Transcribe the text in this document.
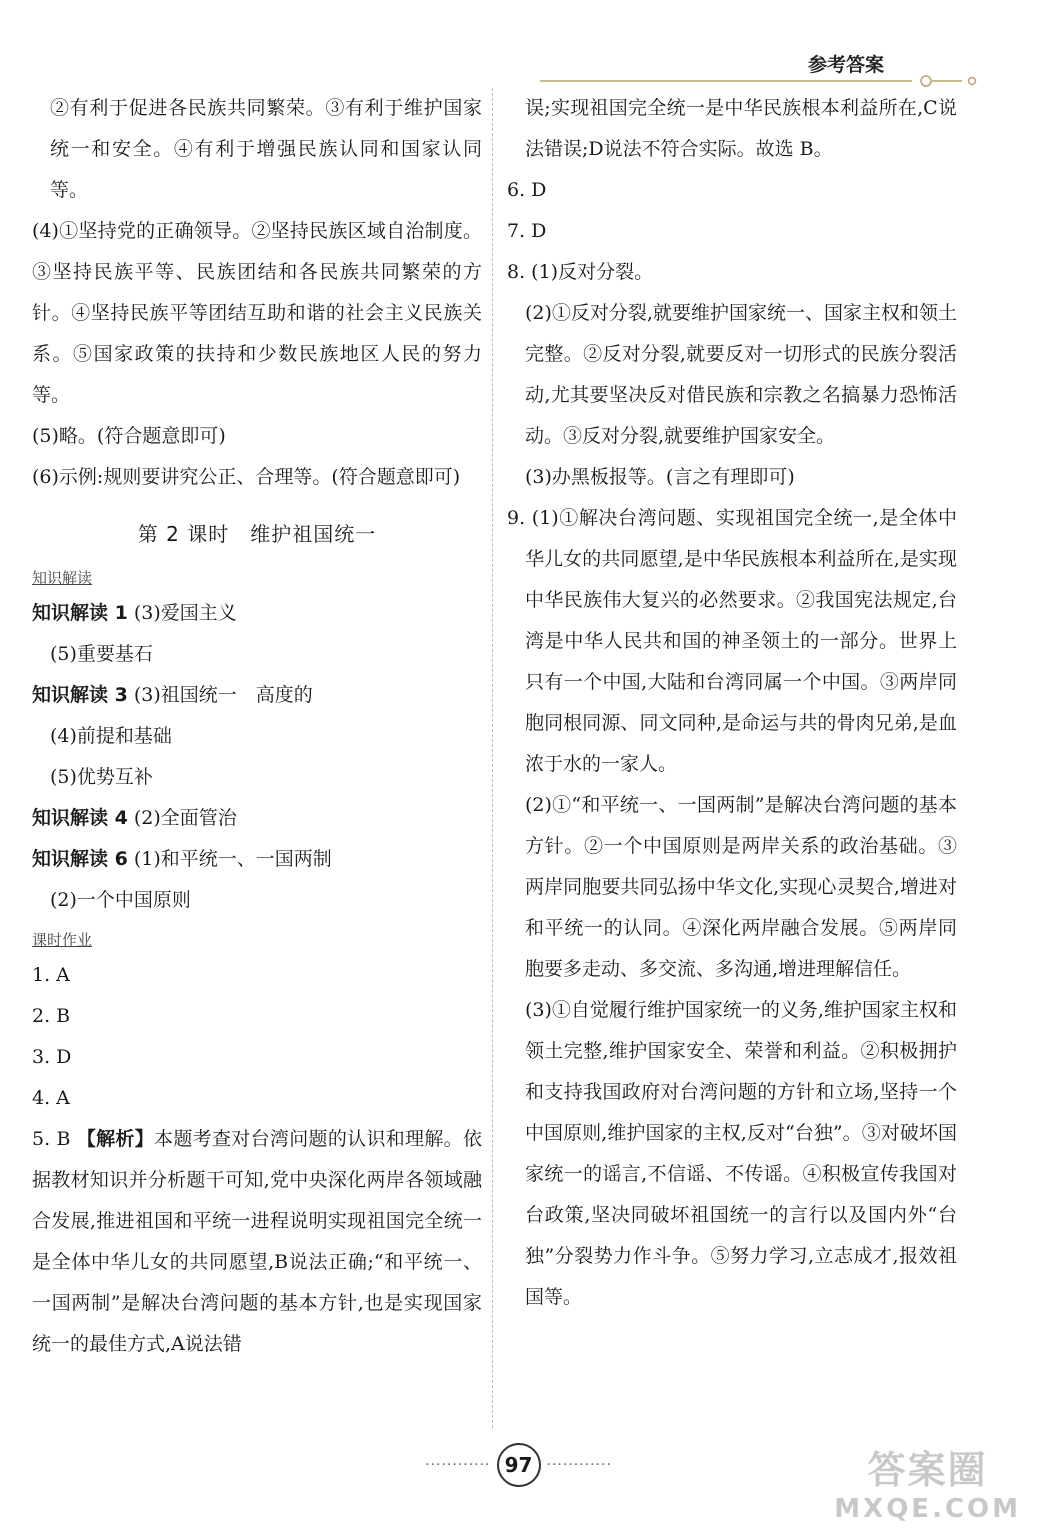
参考答案

②有利于促进各民族共同繁荣。③有利于维护国家统一和安全。④有利于增强民族认同和国家认同等。

(4)①坚持党的正确领导。②坚持民族区域自治制度。③坚持民族平等、民族团结和各民族共同繁荣的方针。④坚持民族平等团结互助和谐的社会主义民族关系。⑤国家政策的扶持和少数民族地区人民的努力等。

(5)略。(符合题意即可)

(6)示例:规则要讲究公正、合理等。(符合题意即可)

第 2 课时　维护祖国统一
知识解读
知识解读 1 (3)爱国主义
(5)重要基石
知识解读 3 (3)祖国统一　高度的
(4)前提和基础
(5)优势互补
知识解读 4 (2)全面管治
知识解读 6 (1)和平统一、一国两制
(2)一个中国原则
课时作业
1. A
2. B
3. D
4. A

5. B 【解析】本题考查对台湾问题的认识和理解。依据教材知识并分析题干可知,党中央深化两岸各领域融合发展,推进祖国和平统一进程说明实现祖国完全统一是全体中华儿女的共同愿望,B说法正确;“和平统一、一国两制”是解决台湾问题的基本方针,也是实现国家统一的最佳方式,A说法错

误;实现祖国完全统一是中华民族根本利益所在,C说法错误;D说法不符合实际。故选 B。

6. D
7. D

8. (1)反对分裂。

(2)①反对分裂,就要维护国家统一、国家主权和领土完整。②反对分裂,就要反对一切形式的民族分裂活动,尤其要坚决反对借民族和宗教之名搞暴力恐怖活动。③反对分裂,就要维护国家安全。

(3)办黑板报等。(言之有理即可)

9. (1)①解决台湾问题、实现祖国完全统一,是全体中华儿女的共同愿望,是中华民族根本利益所在,是实现中华民族伟大复兴的必然要求。②我国宪法规定,台湾是中华人民共和国的神圣领土的一部分。世界上只有一个中国,大陆和台湾同属一个中国。③两岸同胞同根同源、同文同种,是命运与共的骨肉兄弟,是血浓于水的一家人。

(2)①“和平统一、一国两制”是解决台湾问题的基本方针。②一个中国原则是两岸关系的政治基础。③两岸同胞要共同弘扬中华文化,实现心灵契合,增进对和平统一的认同。④深化两岸融合发展。⑤两岸同胞要多走动、多交流、多沟通,增进理解信任。

(3)①自觉履行维护国家统一的义务,维护国家主权和领土完整,维护国家安全、荣誉和利益。②积极拥护和支持我国政府对台湾问题的方针和立场,坚持一个中国原则,维护国家的主权,反对“台独”。③对破坏国家统一的谣言,不信谣、不传谣。④积极宣传我国对台政策,坚决同破坏祖国统一的言行以及国内外“台独”分裂势力作斗争。⑤努力学习,立志成才,报效祖国等。

············ 97 ············	答案圈
MXQE.COM
